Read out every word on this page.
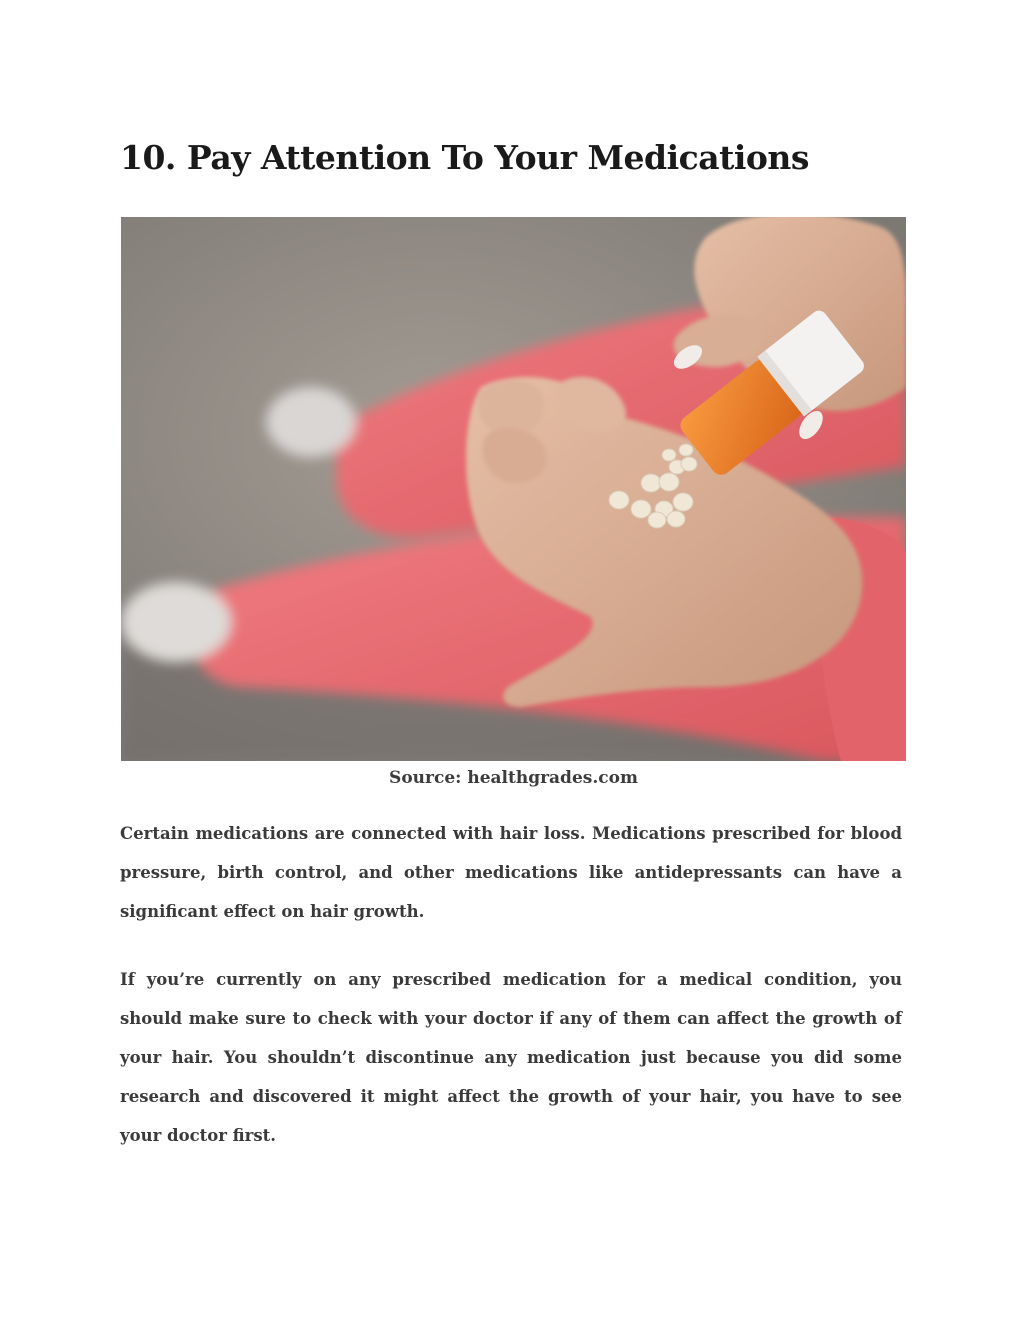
10. Pay Attention To Your Medications
Source: healthgrades.com

Certain medications are connected with hair loss. Medications prescribed for blood pressure, birth control, and other medications like antidepressants can have a significant effect on hair growth.

If you’re currently on any prescribed medication for a medical condition, you should make sure to check with your doctor if any of them can affect the growth of your hair. You shouldn’t discontinue any medication just because you did some research and discovered it might affect the growth of your hair, you have to see your doctor first.
